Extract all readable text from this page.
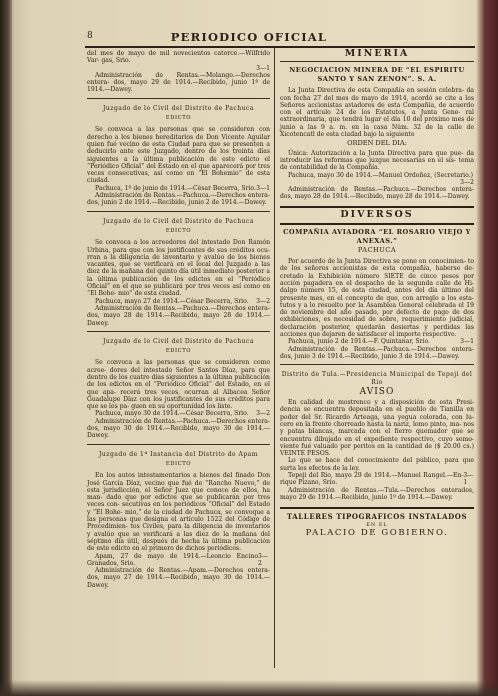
8	PERIODICO OFICIAL

del mes de mayo de mil novecientos catorce.—Wilfrido Var- gas, Srio.

3—1

Administración de Rentas.—Molango.—Derechos entera- dos, mayo 29 de 1914.—Recibido, junio 1º de 1914.—Dawey.

Juzgado de lo Civil del Distrito de Pachuca
EDICTO

Se convoca a las personas que se consideren con derecho a los bienes hereditarios de Don Vicente Aguilar quien fué vecino de esta Ciudad para que se presenten a deducirlo ante este Juzgado, dentro de los treinta días siguientes a la última publicación de este edicto el “Periódico Oficial” del Estado en el que aparecerá por tres veces consecutivas, así como en “El Bohemio” de esta ciudad.

Pachuca, 1º de junio de 1914.—César Becerra, Srio. 3—1

Administración de Rentas.—Pachuca.—Derechos entera- dos, junio 2 de 1914.—Recibido, junio 2 de 1914.—Dawey.

Juzgado de lo Civil del Distrito de Pachuca
EDICTO

Se convoca a los acreedores del intestado Don Ramón Urbina, para que con los justificantes de sus créditos ocu- rran a la diligencia de inventario y avalúo de los bienes vacantes, que se verificará en el local del Juzgado a las diez de la mañana del quinto día útil inmediato posterior a la última publicación de los edictos en el “Periódico Oficial” en el que se publicará por tres veces así como en “El Bohe- mio” de esta ciudad.

Pachuca, mayo 27 de 1914.—César Becerra, Srio. 3—2

Administración de Rentas.—Pachuca.—Derechos entera- dos, mayo 28 de 1914.—Recibido, mayo 28 de 1914.—Dawey.

Juzgado de lo Civil del Distrito de Pachuca
EDICTO

Se convoca a las personas que se consideren como acree- dores del intestado Señor Santos Díaz, para que dentro de los cuatro días siguientes a la última publicación de los edictos en el “Periódico Oficial” del Estado, en el que apa- recerá tres veces, ocurran al Albacea Señor Guadalupe Díaz con los justificantes de sus créditos para que se les pa- guen en su oportunidad los liste.

Pachuca, mayo 30 de 1914.—César Becerra, Srio. 3—2

Administración de Rentas.—Pachuca.—Derechos entera- dos, mayo 30 de 1914.—Recibido, mayo 30 de 1914.—Dawey.

Juzgado de 1ª Instancia del Distrito de Apam
EDICTO

En los autos intestamentarios a bienes del finado Don José García Díaz, vecino que fué de “Rancho Nuevo,” de esta jurisdicción, el Señor Juez que conoce de ellos, ha man- dado que por edictos que se publicarán por tres veces con- secutivas en los periódicos “Oficial” del Estado y “El Bohe- mio,” de la ciudad de Pachuca, se convoque a las personas que designa el artículo 1522 del Código de Procedimien- tos Civiles, para la diligencia de inventarios y avalúo que se verificará a las diez de la mañana del séptimo día útil, después de hecha la última publicación de este edicto en el primero de dichos periódicos.

Apam, 27 de mayo de 1914.—Leoncio Encino Granados, Srio.

3—2

Administración de Rentas.—Apam.—Derechos entera- dos, mayo 27 de 1914.—Recibido, mayo 30 de 1914.—Dawey.

MINERIA
NEGOCIACION MINERA DE “EL ESPIRITU SANTO Y SAN ZENON”. S. A.

La Junta Directiva de esta Compañía en sesión celebra- da con fecha 27 del mes de mayo de 1914, acordó se cite a los Señores accionistas aviadores de esta Compañía, de acuerdo con el artículo 24 de los Estatutos, a Junta Gene- ral extraordinaria, que tendrá lugar el día 10 del próximo mes de junio a las 9 a. m. en la casa Núm. 32 de la calle de Xicotencatl de esta ciudad bajo la siguiente

ORDEN DEL DIA:

Única: Autorización a la Junta Directiva para que pue- da introducir las reformas que juzgue necesarias en el sis- tema de contabilidad de la Compañía.

Pachuca, mayo 30 de 1914.—Manuel Ordoñez, (Secretario.)

3—2

Administración de Rentas.—Pachuca.—Derechos entera- dos, mayo 28 de 1914.—Recibido, mayo 28 de 1914.—Dawey.

DIVERSOS
COMPAÑIA AVIADORA “EL ROSARIO VIEJO Y ANEXAS.”
PACHUCA

Por acuerdo de la Junta Directiva se pone en conocimien- to de los señores accionistas de esta compañía, haberse de- cretado la Exhibición número SIETE de cinco pesos por acción pagadera en el despacho de la segunda calle de Hi- dalgo número 15, de esta ciudad, antes del día último del presente mes, en el concepto de que, con arreglo a los esta- tutos y a lo resuelto por la Asamblea General celebrada el 19 de noviembre del año pasado, por defecto de pago de dos exhibiciones, es necesidad de sobre, requerimiento judicial, declaración posterior, quedarán desiertas y perdidas las acciones que dejaren de satisfacer el importe respectivo.

Pachuca, junio 2 de 1914.—F. Quintanar, Srio.	3—1

Administración de Rentas.—Pachuca.—Derechos entera- dos, junio 3 de 1914.—Recibido, junio 3 de 1914.—Dawey.

Distrito de Tula.—Presidencia Municipal de Tepeji del Rio
AVISO

En calidad de mostrenco y a disposición de esta Presi- dencia se encuentra depositada en el pueblo de Tianilla en poder del Sr. Ricardo Arteaga, una yegua colorada, con lu- cero en la frente chorreado hasta la nariz, lomo pinto, ma- nos y patas blancas, marcada con el fierro quemador que se encuentra dibujado en el expediente respectivo, cuyo semo- viente fué valuado por peritos en la cantidad de ($ 20.00 cs.) VEINTE PESOS.

Lo que se hace del conocimiento del público, para que surta los efectos de la ley.

Tepeji del Rio, mayo 29 de 1914.—Manuel Rangel.—En- rique Pizano, Srio.

3—1

Administración de Rentas.—Tula.—Derechos enterados, mayo 29 de 1914.—Recibido, junio 1º de 1914.—Dawey.

TALLERES TIPOGRAFICOS INSTALADOS
EN EL
PALACIO DE GOBIERNO.
